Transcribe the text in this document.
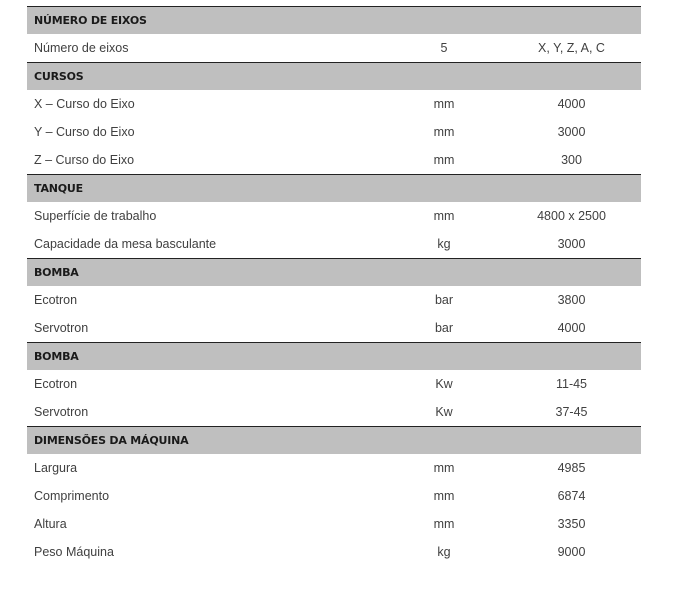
NÚMERO DE EIXOS		
Número de eixos	5	X, Y, Z, A, C
CURSOS		
X – Curso do Eixo	mm	4000
Y – Curso do Eixo	mm	3000
Z – Curso do Eixo	mm	300
TANQUE		
Superfície de trabalho	mm	4800 x 2500
Capacidade da mesa basculante	kg	3000
BOMBA		
Ecotron	bar	3800
Servotron	bar	4000
BOMBA		
Ecotron	Kw	11-45
Servotron	Kw	37-45
DIMENSÕES DA MÁQUINA		
Largura	mm	4985
Comprimento	mm	6874
Altura	mm	3350
Peso Máquina	kg	9000
